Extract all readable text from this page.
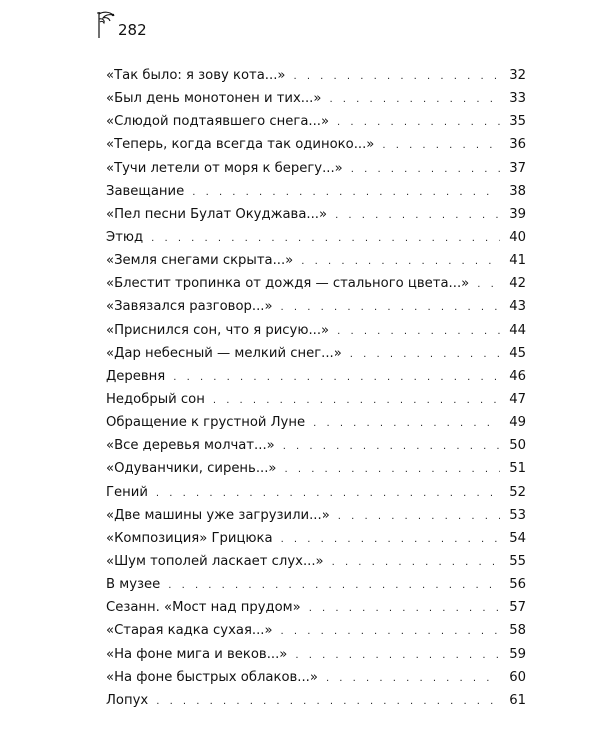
282
«Так было: я зову кота...» . . .	32
«Был день монотонен и тих...» . . .	33
«Слюдой подтаявшего снега...» . . .	35
«Теперь, когда всегда так одиноко...» . . .	36
«Тучи летели от моря к берегу...» . . .	37
Завещание . . .	38
«Пел песни Булат Окуджава...» . . .	39
Этюд . . .	40
«Земля снегами скрыта...» . . .	41
«Блестит тропинка от дождя — стального цвета...» . . .	42
«Завязался разговор...» . . .	43
«Приснился сон, что я рисую...» . . .	44
«Дар небесный — мелкий снег...» . . .	45
Деревня . . .	46
Недобрый сон . . .	47
Обращение к грустной Луне . . .	49
«Все деревья молчат...» . . .	50
«Одуванчики, сирень...» . . .	51
Гений . . .	52
«Две машины уже загрузили...» . . .	53
«Композиция» Грицюка . . .	54
«Шум тополей ласкает слух...» . . .	55
В музее . . .	56
Сезанн. «Мост над прудом» . . .	57
«Старая кадка сухая...» . . .	58
«На фоне мига и веков...» . . .	59
«На фоне быстрых облаков...» . . .	60
Лопух . . .	61
